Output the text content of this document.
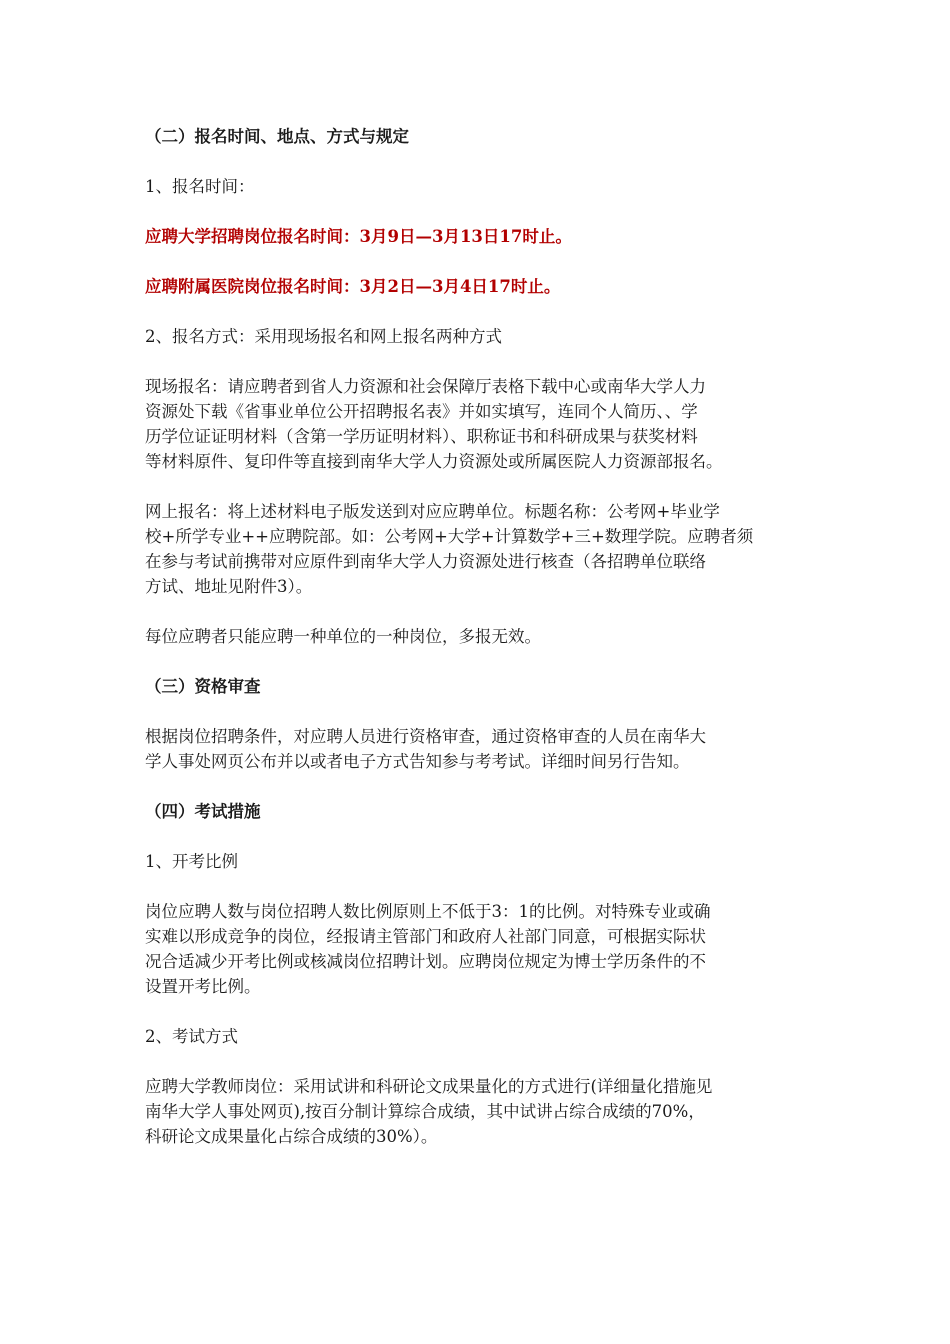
（二）报名时间、地点、方式与规定

1、报名时间：

应聘大学招聘岗位报名时间：3月9日—3月13日17时止。

应聘附属医院岗位报名时间：3月2日—3月4日17时止。

2、报名方式：采用现场报名和网上报名两种方式

现场报名：请应聘者到省人力资源和社会保障厅表格下载中心或南华大学人力
资源处下载《省事业单位公开招聘报名表》并如实填写，连同个人简历、、学
历学位证证明材料（含第一学历证明材料）、职称证书和科研成果与获奖材料
等材料原件、复印件等直接到南华大学人力资源处或所属医院人力资源部报名。

网上报名：将上述材料电子版发送到对应应聘单位。标题名称：公考网+毕业学
校+所学专业++应聘院部。如：公考网+大学+计算数学+三+数理学院。应聘者须
在参与考试前携带对应原件到南华大学人力资源处进行核查（各招聘单位联络
方试、地址见附件3）。

每位应聘者只能应聘一种单位的一种岗位，多报无效。

（三）资格审查

根据岗位招聘条件，对应聘人员进行资格审查，通过资格审查的人员在南华大
学人事处网页公布并以或者电子方式告知参与考考试。详细时间另行告知。

（四）考试措施

1、开考比例

岗位应聘人数与岗位招聘人数比例原则上不低于3：1的比例。对特殊专业或确
实难以形成竞争的岗位，经报请主管部门和政府人社部门同意，可根据实际状
况合适减少开考比例或核减岗位招聘计划。应聘岗位规定为博士学历条件的不
设置开考比例。

2、考试方式

应聘大学教师岗位：采用试讲和科研论文成果量化的方式进行(详细量化措施见
南华大学人事处网页),按百分制计算综合成绩，其中试讲占综合成绩的70%，
科研论文成果量化占综合成绩的30%）。
